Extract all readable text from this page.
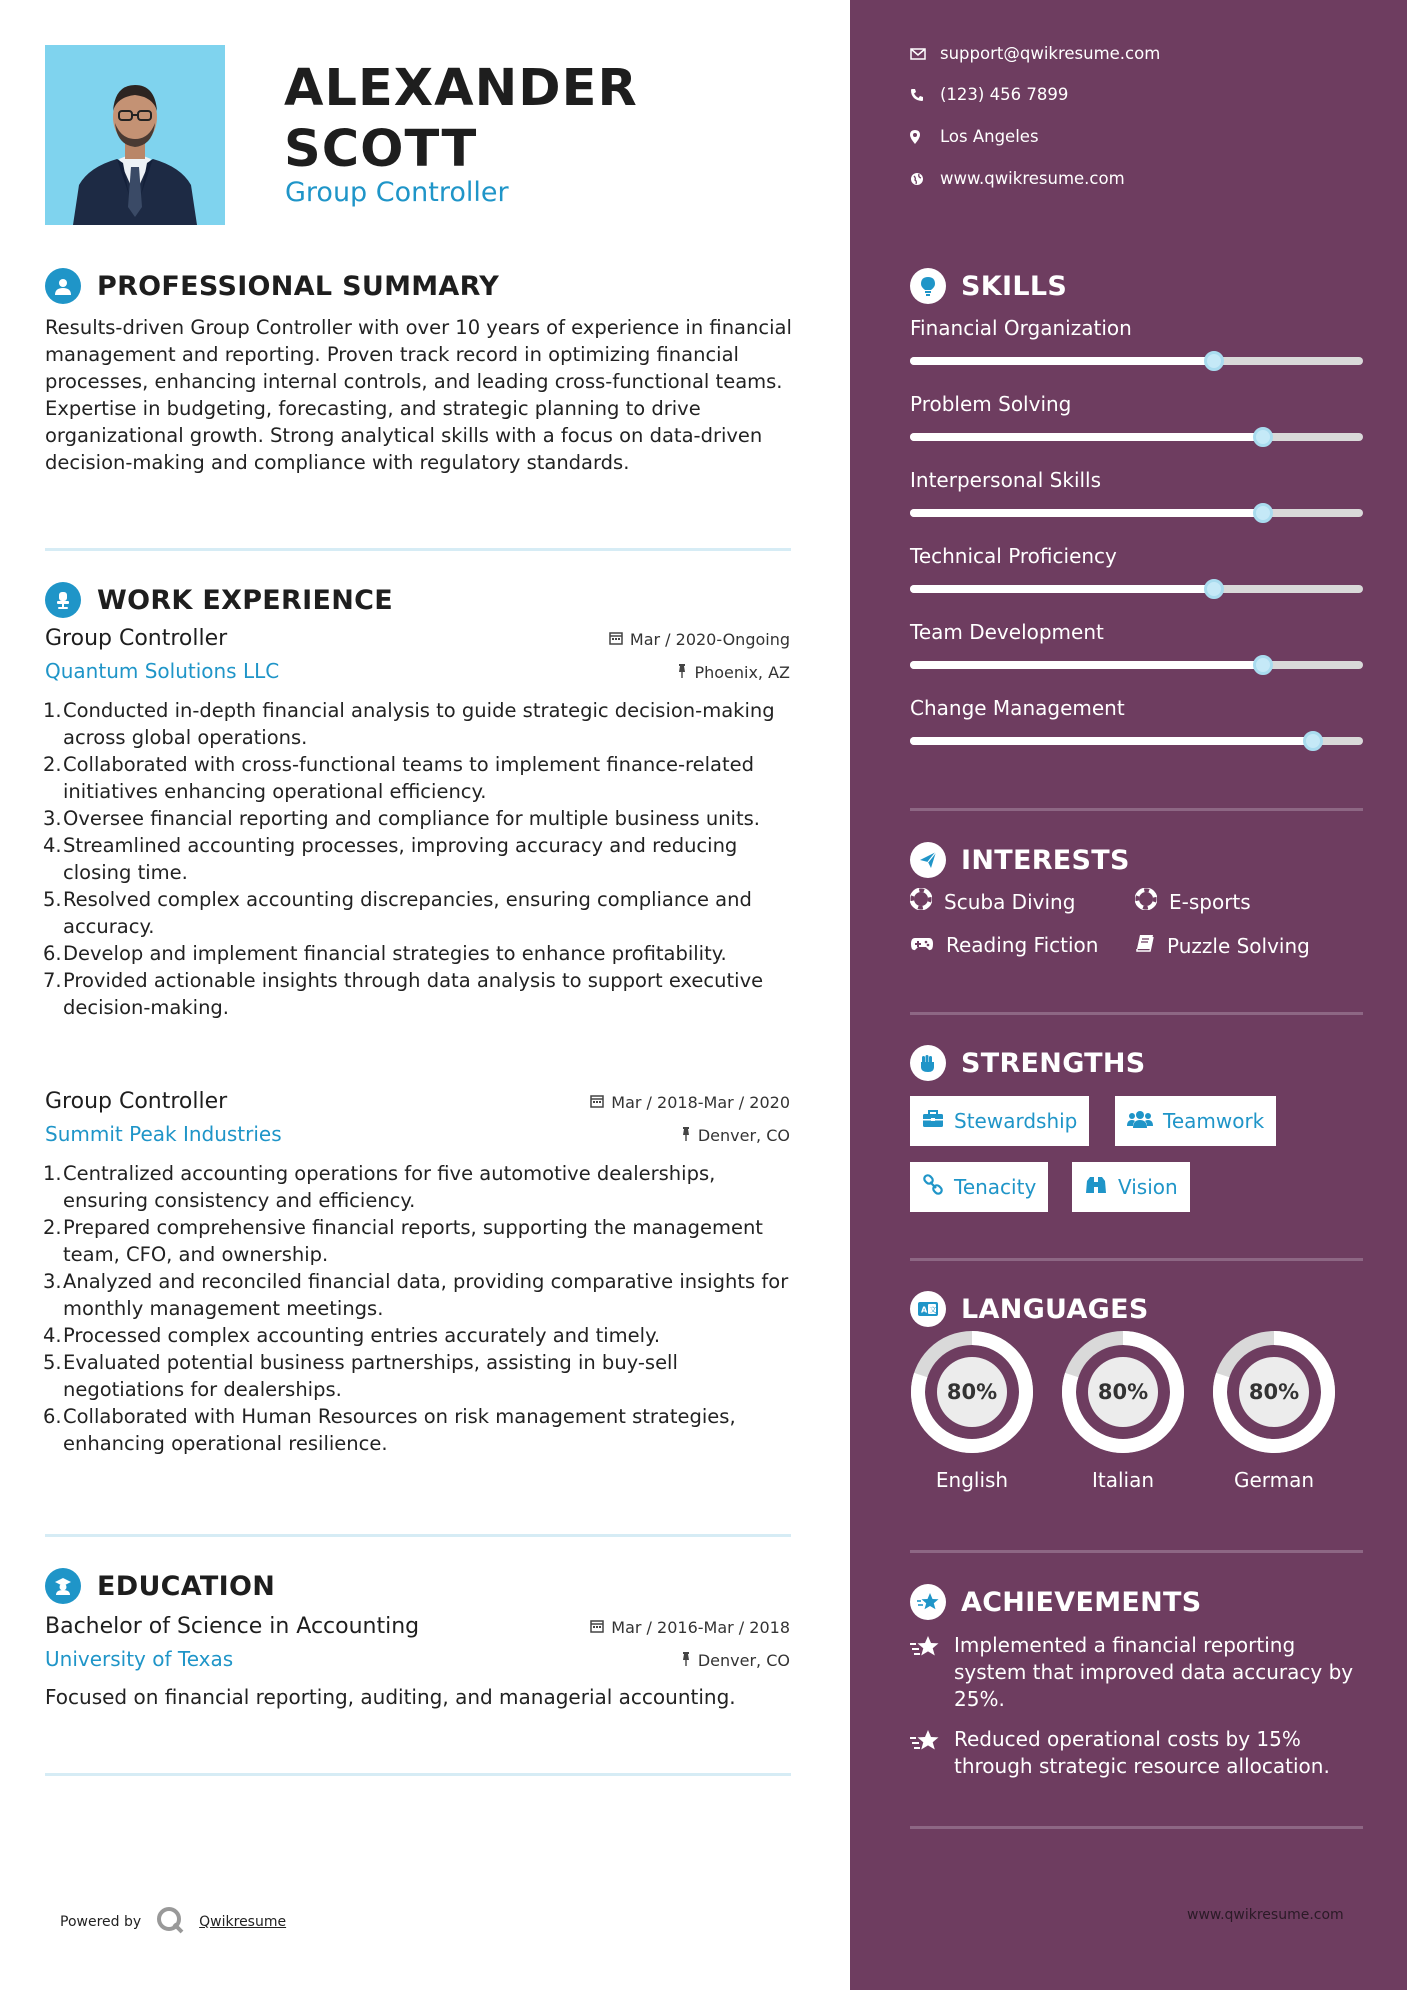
ALEXANDER
SCOTT
Group Controller
PROFESSIONAL SUMMARY
Results-driven Group Controller with over 10 years of experience in financial management and reporting. Proven track record in optimizing financial processes, enhancing internal controls, and leading cross-functional teams. Expertise in budgeting, forecasting, and strategic planning to drive organizational growth. Strong analytical skills with a focus on data-driven decision-making and compliance with regulatory standards.
WORK EXPERIENCE
Group Controller	Mar / 2020-Ongoing
Quantum Solutions LLC	Phoenix, AZ
1. Conducted in-depth financial analysis to guide strategic decision-making across global operations.
2. Collaborated with cross-functional teams to implement finance-related initiatives enhancing operational efficiency.
3. Oversee financial reporting and compliance for multiple business units.
4. Streamlined accounting processes, improving accuracy and reducing closing time.
5. Resolved complex accounting discrepancies, ensuring compliance and accuracy.
6. Develop and implement financial strategies to enhance profitability.
7. Provided actionable insights through data analysis to support executive decision-making.
Group Controller	Mar / 2018-Mar / 2020
Summit Peak Industries	Denver, CO
1. Centralized accounting operations for five automotive dealerships, ensuring consistency and efficiency.
2. Prepared comprehensive financial reports, supporting the management team, CFO, and ownership.
3. Analyzed and reconciled financial data, providing comparative insights for monthly management meetings.
4. Processed complex accounting entries accurately and timely.
5. Evaluated potential business partnerships, assisting in buy-sell negotiations for dealerships.
6. Collaborated with Human Resources on risk management strategies, enhancing operational resilience.
EDUCATION
Bachelor of Science in Accounting	Mar / 2016-Mar / 2018
University of Texas	Denver, CO
Focused on financial reporting, auditing, and managerial accounting.
Powered by	Qwikresume
support@qwikresume.com
(123) 456 7899
Los Angeles
www.qwikresume.com
SKILLS
Financial Organization
Problem Solving
Interpersonal Skills
Technical Proficiency
Team Development
Change Management
INTERESTS
Scuba Diving	E-sports
Reading Fiction	Puzzle Solving
STRENGTHS
Stewardship	Teamwork
Tenacity	Vision
A 文 LANGUAGES
80%
English
80%
Italian
80%
German
ACHIEVEMENTS
Implemented a financial reporting system that improved data accuracy by 25%.
Reduced operational costs by 15% through strategic resource allocation.
www.qwikresume.com
